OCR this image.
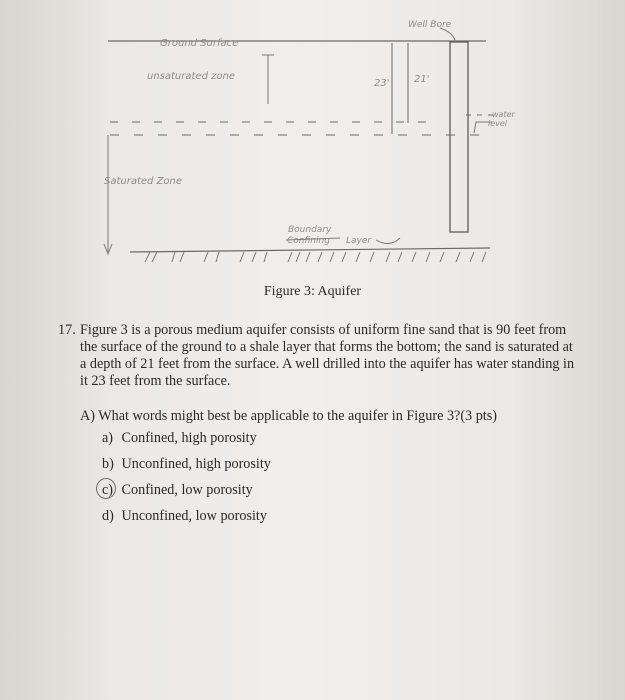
Well Bore
Ground Surface
unsaturated zone
23' 21'
water
level
Saturated Zone
Boundary
Confining Layer
Figure 3: Aquifer
17. Figure 3 is a porous medium aquifer consists of uniform fine sand that is 90 feet from the surface of the ground to a shale layer that forms the bottom; the sand is saturated at a depth of 21 feet from the surface. A well drilled into the aquifer has water standing in it 23 feet from the surface.
A) What words might best be applicable to the aquifer in Figure 3?(3 pts)
a) Confined, high porosity
b) Unconfined, high porosity
c) Confined, low porosity
d) Unconfined, low porosity
